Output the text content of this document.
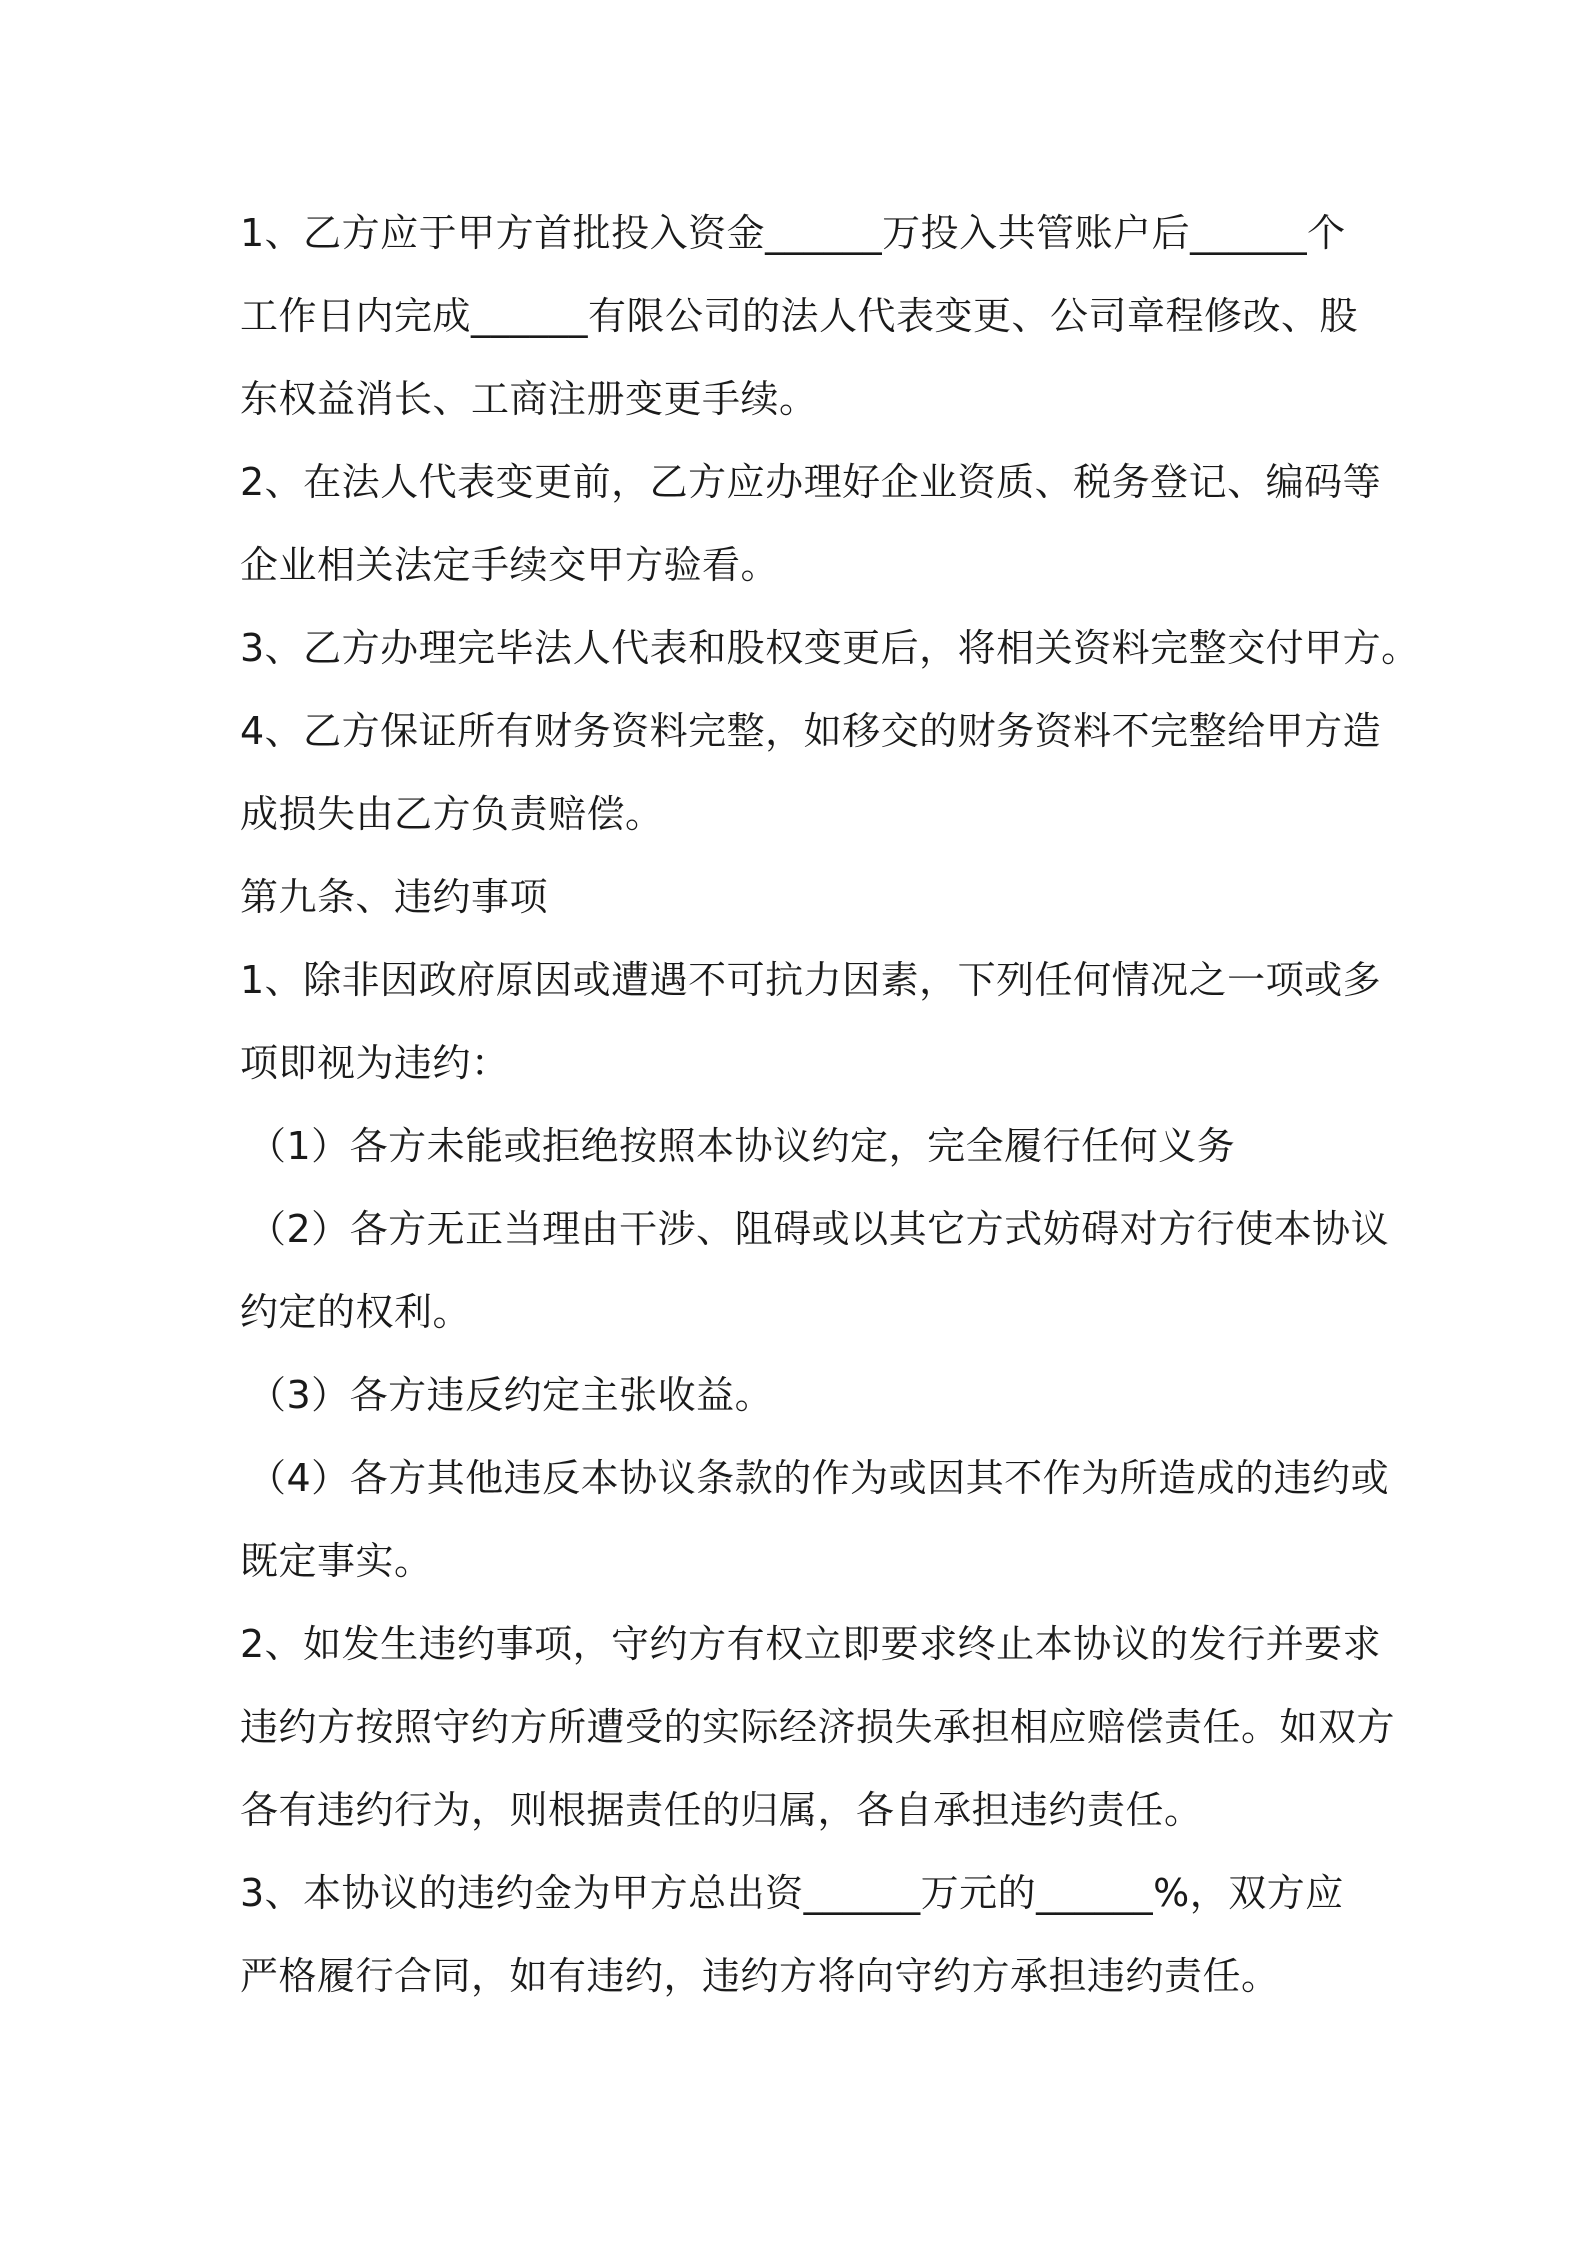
1、乙方应于甲方首批投入资金______万投入共管账户后______个
工作日内完成______有限公司的法人代表变更、公司章程修改、股
东权益消长、工商注册变更手续。
2、在法人代表变更前，乙方应办理好企业资质、税务登记、编码等
企业相关法定手续交甲方验看。
3、乙方办理完毕法人代表和股权变更后，将相关资料完整交付甲方。
4、乙方保证所有财务资料完整，如移交的财务资料不完整给甲方造
成损失由乙方负责赔偿。
第九条、违约事项
1、除非因政府原因或遭遇不可抗力因素，下列任何情况之一项或多
项即视为违约：
（1）各方未能或拒绝按照本协议约定，完全履行任何义务
（2）各方无正当理由干涉、阻碍或以其它方式妨碍对方行使本协议
约定的权利。
（3）各方违反约定主张收益。
（4）各方其他违反本协议条款的作为或因其不作为所造成的违约或
既定事实。
2、如发生违约事项，守约方有权立即要求终止本协议的发行并要求
违约方按照守约方所遭受的实际经济损失承担相应赔偿责任。如双方
各有违约行为，则根据责任的归属，各自承担违约责任。
3、本协议的违约金为甲方总出资______万元的______%，双方应
严格履行合同，如有违约，违约方将向守约方承担违约责任。
